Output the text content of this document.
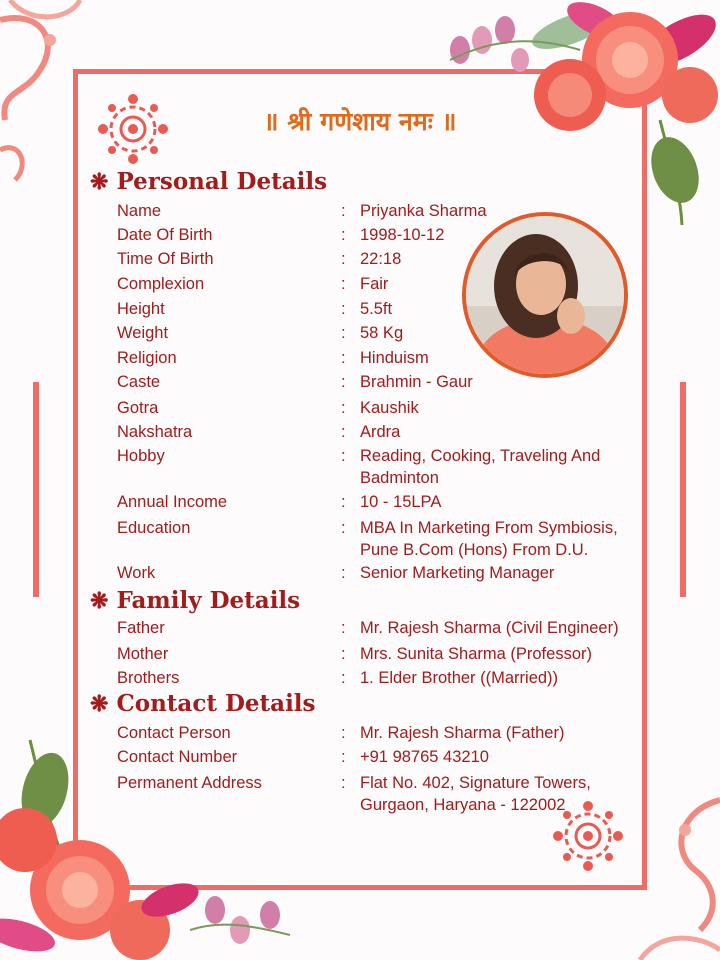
॥ श्री गणेशाय नमः ॥
❋ Personal Details
Name	: Priyanka Sharma
Date Of Birth	: 1998-10-12
Time Of Birth	: 22:18
Complexion	: Fair
Height	: 5.5ft
Weight	: 58 Kg
Religion	: Hinduism
Caste	: Brahmin - Gaur
Gotra	: Kaushik
Nakshatra	: Ardra
Hobby	: Reading, Cooking, Traveling And Badminton
Annual Income	: 10 - 15LPA
Education	: MBA In Marketing From Symbiosis, Pune B.Com (Hons) From D.U.
Work	: Senior Marketing Manager
❋ Family Details
Father	: Mr. Rajesh Sharma (Civil Engineer)
Mother	: Mrs. Sunita Sharma (Professor)
Brothers	: 1. Elder Brother ((Married))
❋ Contact Details
Contact Person	: Mr. Rajesh Sharma (Father)
Contact Number	: +91 98765 43210
Permanent Address	: Flat No. 402, Signature Towers, Gurgaon, Haryana - 122002
